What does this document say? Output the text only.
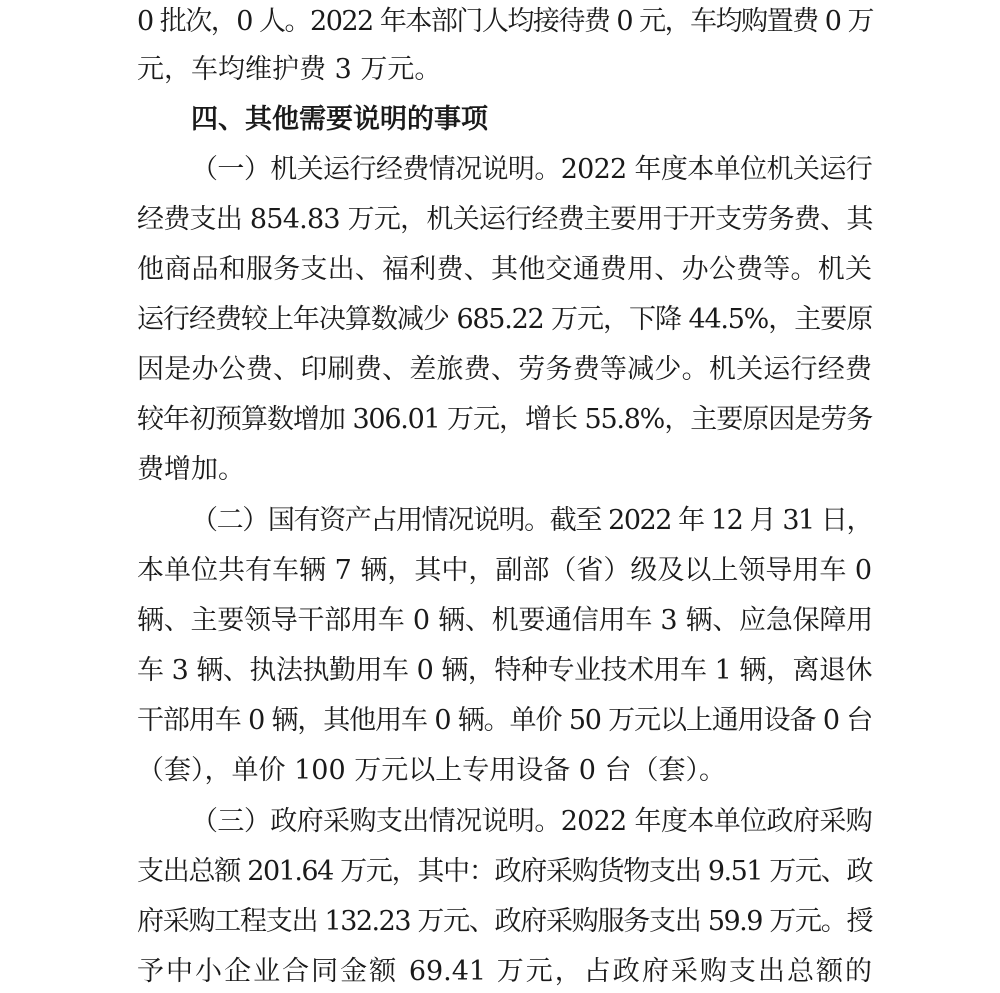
0 批次，0 人。2022 年本部门人均接待费 0 元，车均购置费 0 万
元，车均维护费 3 万元。
四、其他需要说明的事项
（一）机关运行经费情况说明。2022 年度本单位机关运行
经费支出 854.83 万元，机关运行经费主要用于开支劳务费、其
他商品和服务支出、福利费、其他交通费用、办公费等。机关
运行经费较上年决算数减少 685.22 万元，下降 44.5%，主要原
因是办公费、印刷费、差旅费、劳务费等减少。机关运行经费
较年初预算数增加 306.01 万元，增长 55.8%，主要原因是劳务
费增加。
（二）国有资产占用情况说明。截至 2022 年 12 月 31 日，
本单位共有车辆 7 辆，其中，副部（省）级及以上领导用车 0
辆、主要领导干部用车 0 辆、机要通信用车 3 辆、应急保障用
车 3 辆、执法执勤用车 0 辆，特种专业技术用车 1 辆，离退休
干部用车 0 辆，其他用车 0 辆。单价 50 万元以上通用设备 0 台
（套），单价 100 万元以上专用设备 0 台（套）。
（三）政府采购支出情况说明。2022 年度本单位政府采购
支出总额 201.64 万元，其中：政府采购货物支出 9.51 万元、政
府采购工程支出 132.23 万元、政府采购服务支出 59.9 万元。授
予中小企业合同金额 69.41 万元，占政府采购支出总额的
